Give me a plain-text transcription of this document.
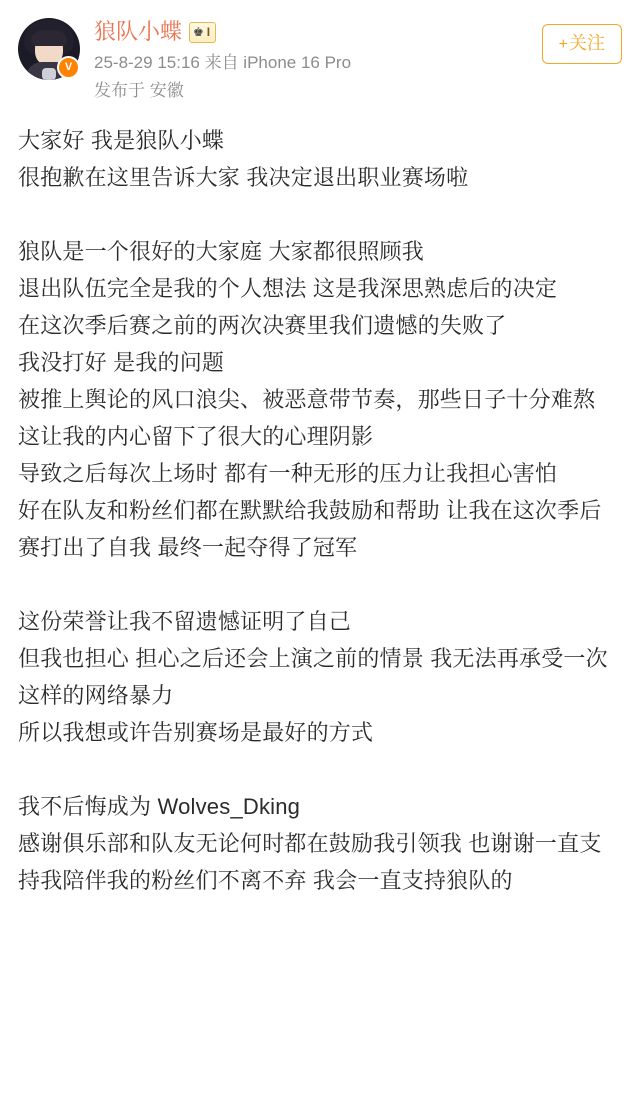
V
狼队小蝶 ♚ I
25-8-29 15:16 来自 iPhone 16 Pro
发布于 安徽
+关注

大家好 我是狼队小蝶

很抱歉在这里告诉大家 我决定退出职业赛场啦

狼队是一个很好的大家庭 大家都很照顾我

退出队伍完全是我的个人想法 这是我深思熟虑后的决定

在这次季后赛之前的两次决赛里我们遗憾的失败了

我没打好 是我的问题

被推上舆论的风口浪尖、被恶意带节奏，那些日子十分难熬

这让我的内心留下了很大的心理阴影

导致之后每次上场时 都有一种无形的压力让我担心害怕

好在队友和粉丝们都在默默给我鼓励和帮助 让我在这次季后赛打出了自我 最终一起夺得了冠军

这份荣誉让我不留遗憾证明了自己

但我也担心 担心之后还会上演之前的情景 我无法再承受一次这样的网络暴力

所以我想或许告别赛场是最好的方式

我不后悔成为 Wolves_Dking

感谢俱乐部和队友无论何时都在鼓励我引领我 也谢谢一直支持我陪伴我的粉丝们不离不弃 我会一直支持狼队的
